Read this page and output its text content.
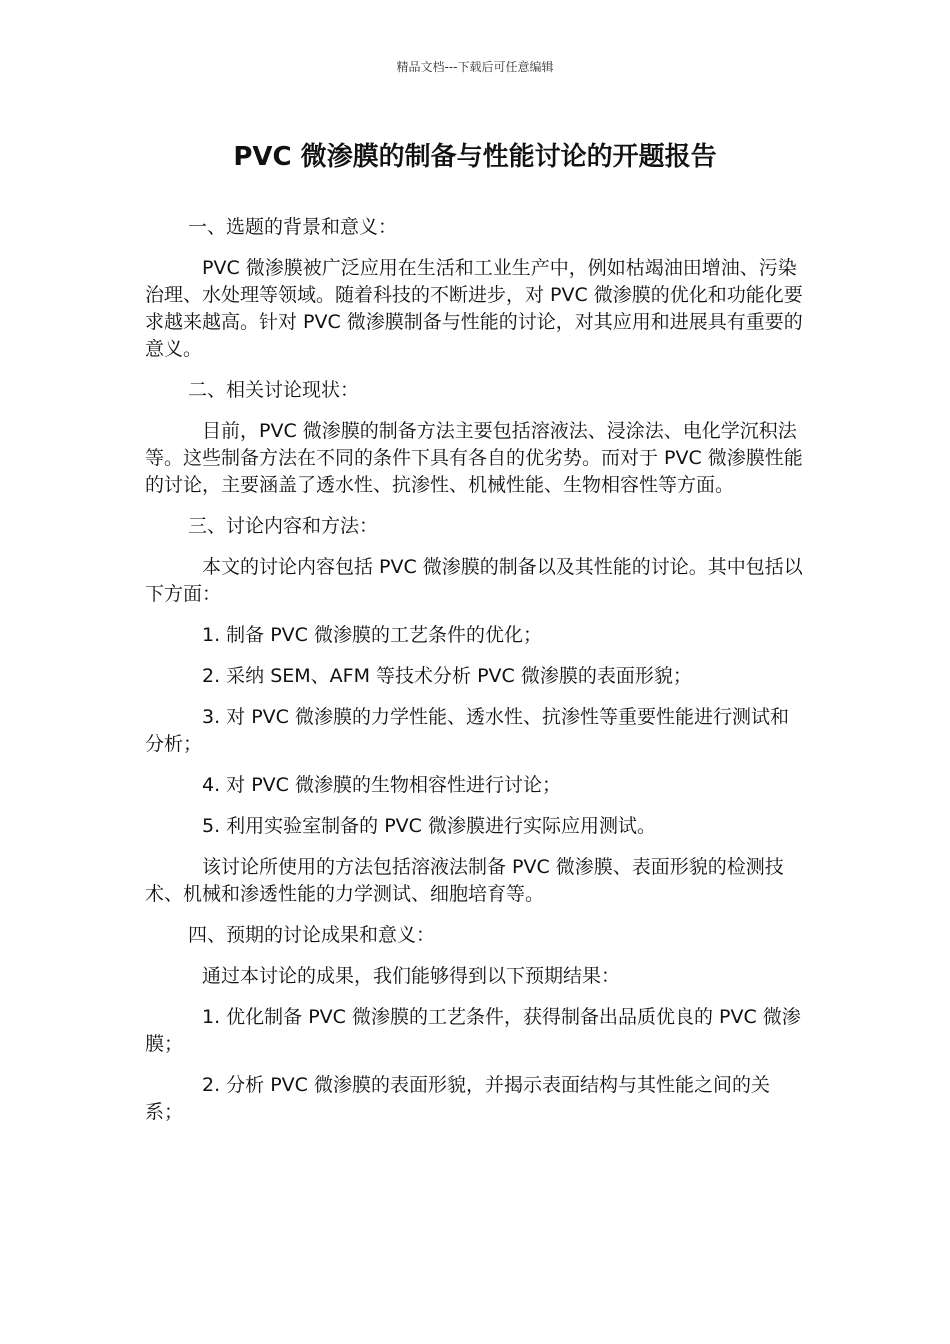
精品文档---下载后可任意编辑
PVC 微渗膜的制备与性能讨论的开题报告

一、选题的背景和意义：

PVC 微渗膜被广泛应用在生活和工业生产中，例如枯竭油田增油、污染治理、水处理等领域。随着科技的不断进步，对 PVC 微渗膜的优化和功能化要求越来越高。针对 PVC 微渗膜制备与性能的讨论，对其应用和进展具有重要的意义。

二、相关讨论现状：

目前，PVC 微渗膜的制备方法主要包括溶液法、浸涂法、电化学沉积法等。这些制备方法在不同的条件下具有各自的优劣势。而对于 PVC 微渗膜性能的讨论，主要涵盖了透水性、抗渗性、机械性能、生物相容性等方面。

三、讨论内容和方法：

本文的讨论内容包括 PVC 微渗膜的制备以及其性能的讨论。其中包括以下方面：

1. 制备 PVC 微渗膜的工艺条件的优化；

2. 采纳 SEM、AFM 等技术分析 PVC 微渗膜的表面形貌；

3. 对 PVC 微渗膜的力学性能、透水性、抗渗性等重要性能进行测试和分析；

4. 对 PVC 微渗膜的生物相容性进行讨论；

5. 利用实验室制备的 PVC 微渗膜进行实际应用测试。

该讨论所使用的方法包括溶液法制备 PVC 微渗膜、表面形貌的检测技术、机械和渗透性能的力学测试、细胞培育等。

四、预期的讨论成果和意义：

通过本讨论的成果，我们能够得到以下预期结果：

1. 优化制备 PVC 微渗膜的工艺条件，获得制备出品质优良的 PVC 微渗膜；

2. 分析 PVC 微渗膜的表面形貌，并揭示表面结构与其性能之间的关系；
